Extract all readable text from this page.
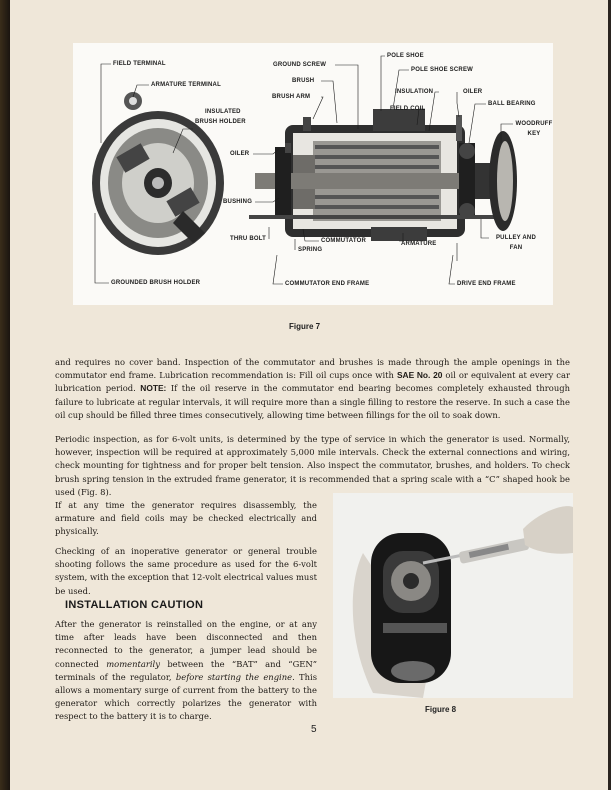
FIELD TERMINAL
ARMATURE TERMINAL
INSULATED
BRUSH HOLDER
GROUNDED BRUSH HOLDER
GROUND SCREW
BRUSH
BRUSH ARM
POLE SHOE
POLE SHOE SCREW
INSULATION	OILER
FIELD COIL
BALL BEARING
WOODRUFF
KEY
OILER
BUSHING
THRU BOLT	COMMUTATOR
SPRING
ARMATURE
PULLEY AND
FAN
COMMUTATOR END FRAME	DRIVE END FRAME
Figure 7

and requires no cover band. Inspection of the commutator and brushes is made through the ample openings in the commutator end frame. Lubrication recommendation is: Fill oil cups once with SAE No. 20 oil or equivalent at every car lubrication period. NOTE: If the oil reserve in the commutator end bearing becomes completely exhausted through failure to lubricate at regular intervals, it will require more than a single filling to restore the reserve. In such a case the oil cup should be filled three times consecutively, allowing time between fillings for the oil to soak down.

Periodic inspection, as for 6-volt units, is determined by the type of service in which the generator is used. Normally, however, inspection will be required at approximately 5,000 mile intervals. Check the external connections and wiring, check mounting for tightness and for proper belt tension. Also inspect the commutator, brushes, and holders. To check brush spring tension in the extruded frame generator, it is recommended that a spring scale with a “C” shaped hook be used (Fig. 8).

If at any time the generator requires disassembly, the armature and field coils may be checked electrically and physically.

Checking of an inoperative generator or general trouble shooting follows the same procedure as used for the 6-volt system, with the exception that 12-volt electrical values must be used.

INSTALLATION CAUTION

After the generator is reinstalled on the engine, or at any time after leads have been disconnected and then reconnected to the generator, a jumper lead should be connected momentarily between the “BAT” and “GEN” terminals of the regulator, before starting the engine. This allows a momentary surge of current from the battery to the generator which correctly polarizes the generator with respect to the battery it is to charge.

Figure 8
5
